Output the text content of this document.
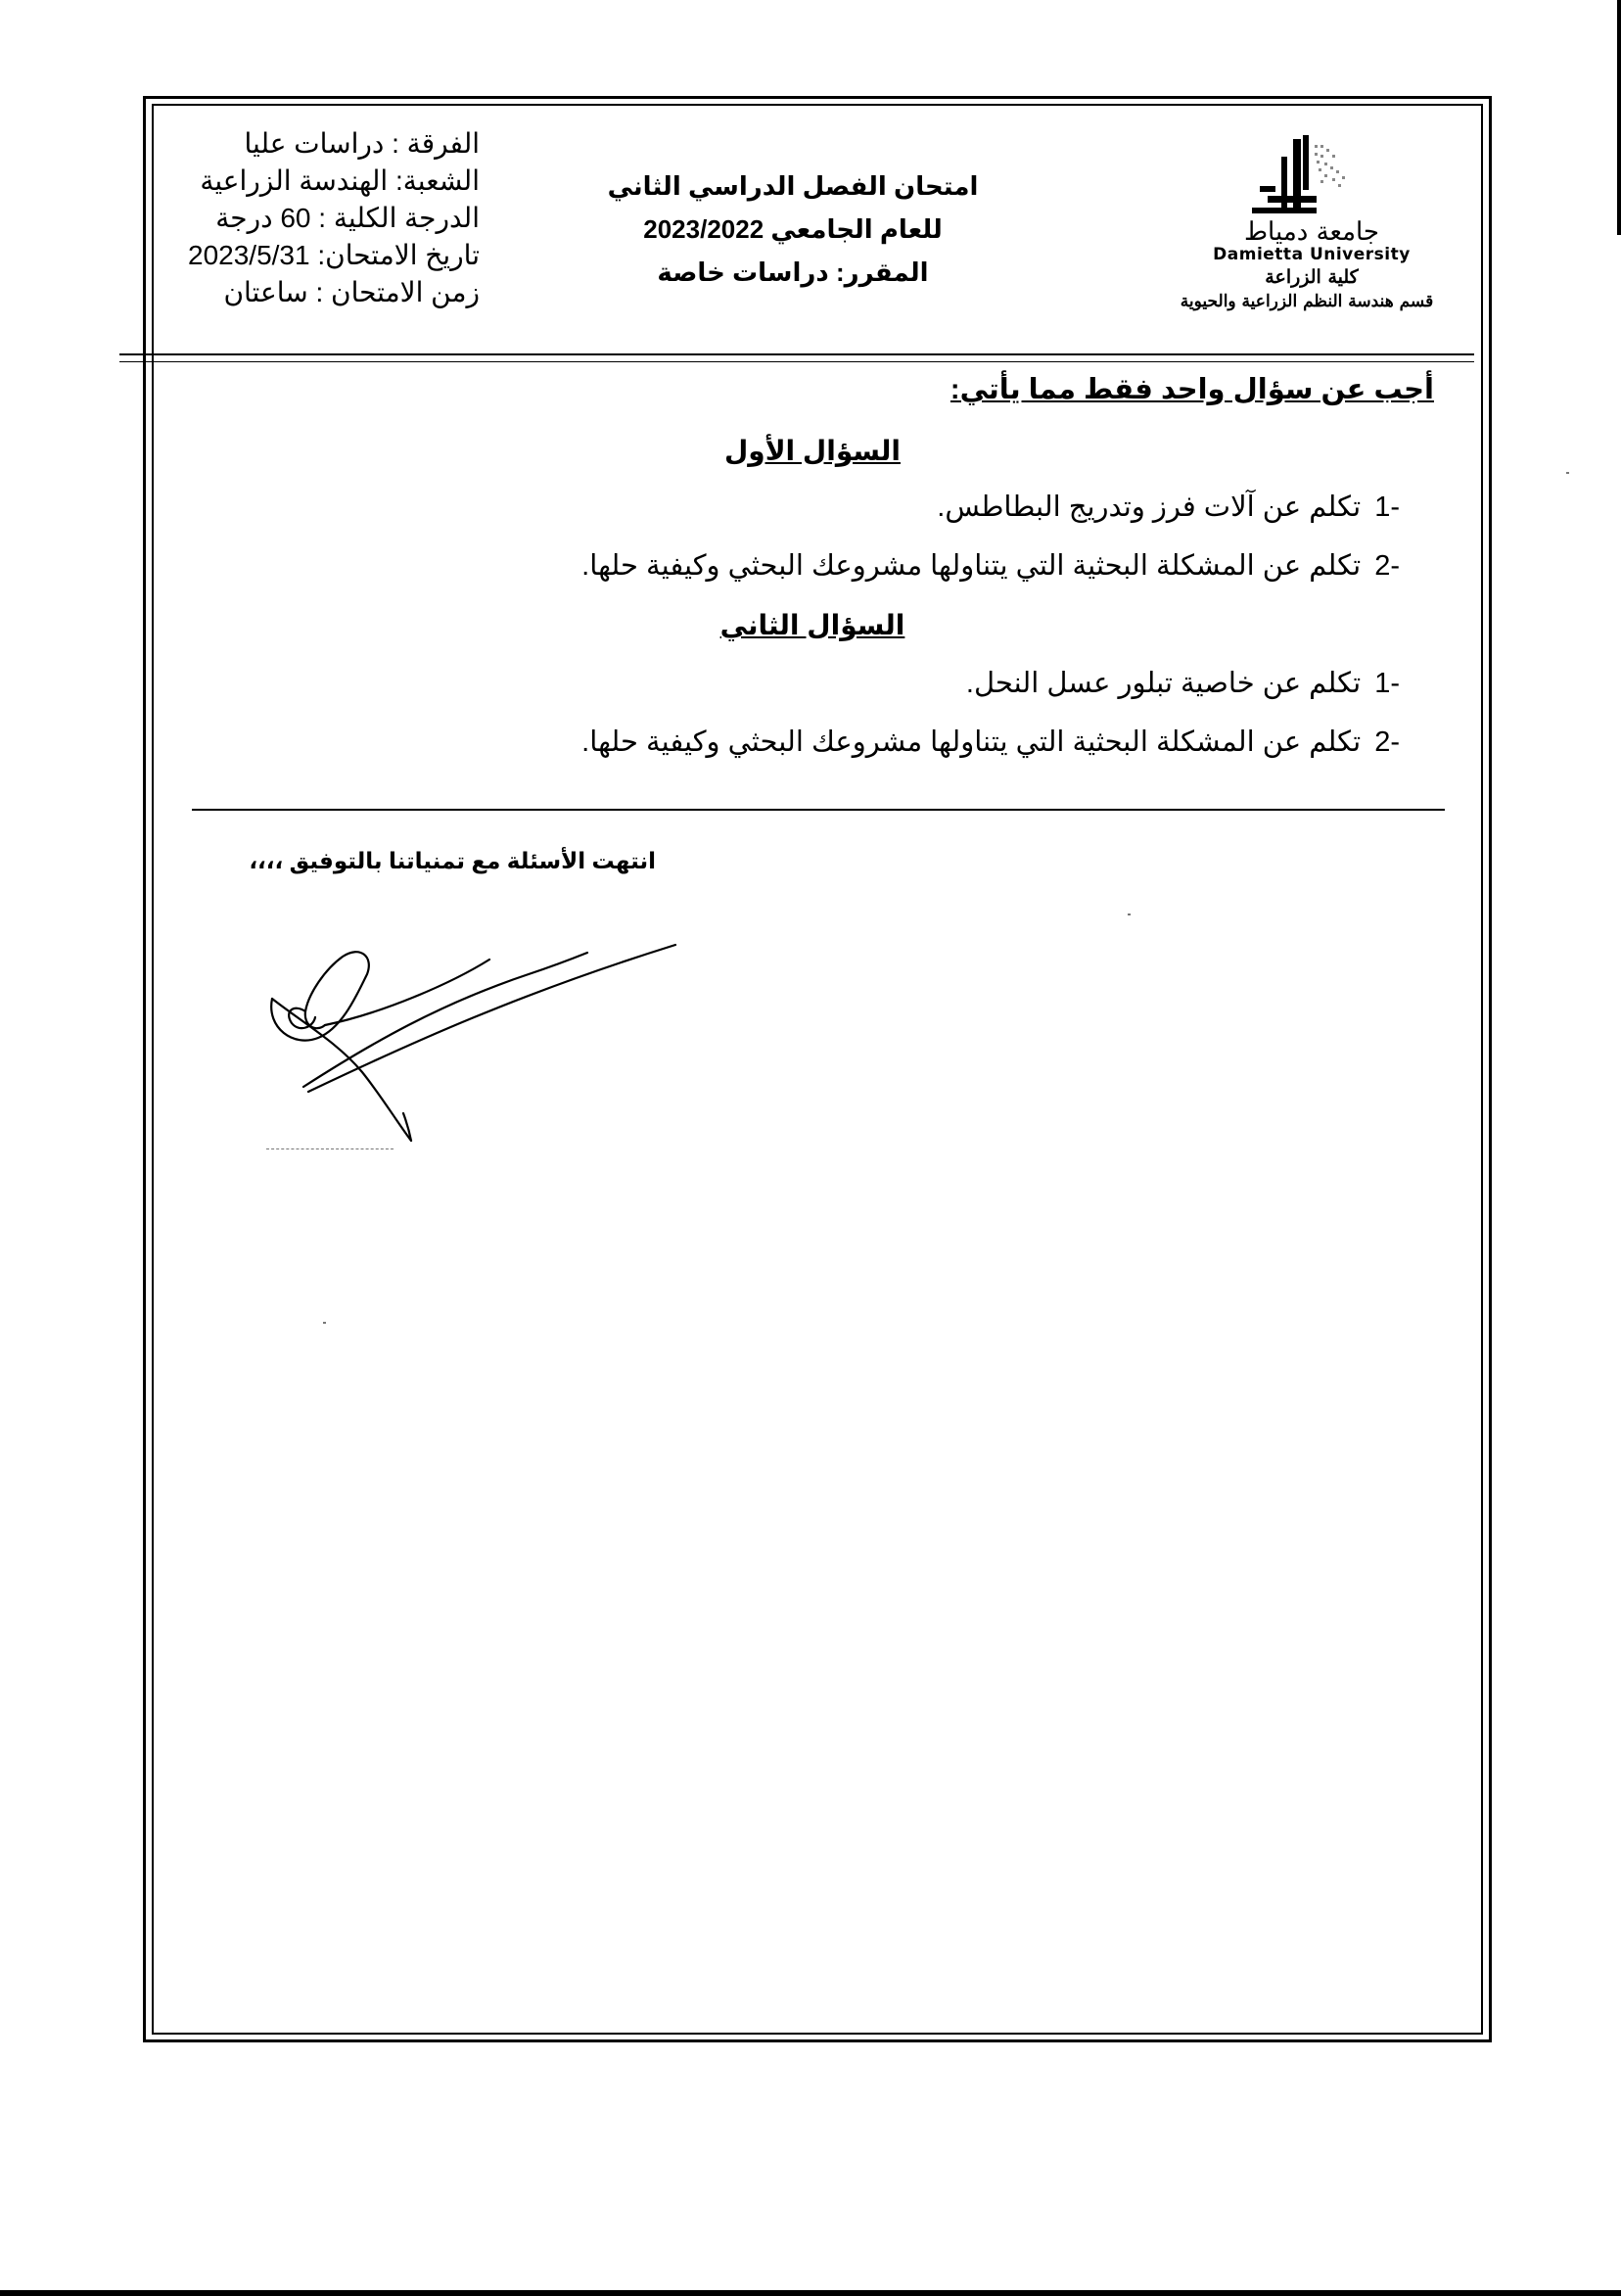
الفرقة : دراسات عليا
الشعبة: الهندسة الزراعية
الدرجة الكلية : 60 درجة
تاريخ الامتحان: 2023/5/31
زمن الامتحان : ساعتان
امتحان الفصل الدراسي الثاني
للعام الجامعي 2023/2022
المقرر: دراسات خاصة
جامعة دمياط
Damietta University
كلية الزراعة
قسم هندسة النظم الزراعية والحيوية
أجب عن سؤال واحد فقط مما يأتي:
السؤال الأول
-1تكلم عن آلات فرز وتدريج البطاطس.
-2تكلم عن المشكلة البحثية التي يتناولها مشروعك البحثي وكيفية حلها.
السؤال الثاني
-1تكلم عن خاصية تبلور عسل النحل.
-2تكلم عن المشكلة البحثية التي يتناولها مشروعك البحثي وكيفية حلها.
انتهت الأسئلة مع تمنياتنا بالتوفيق ،،،،
